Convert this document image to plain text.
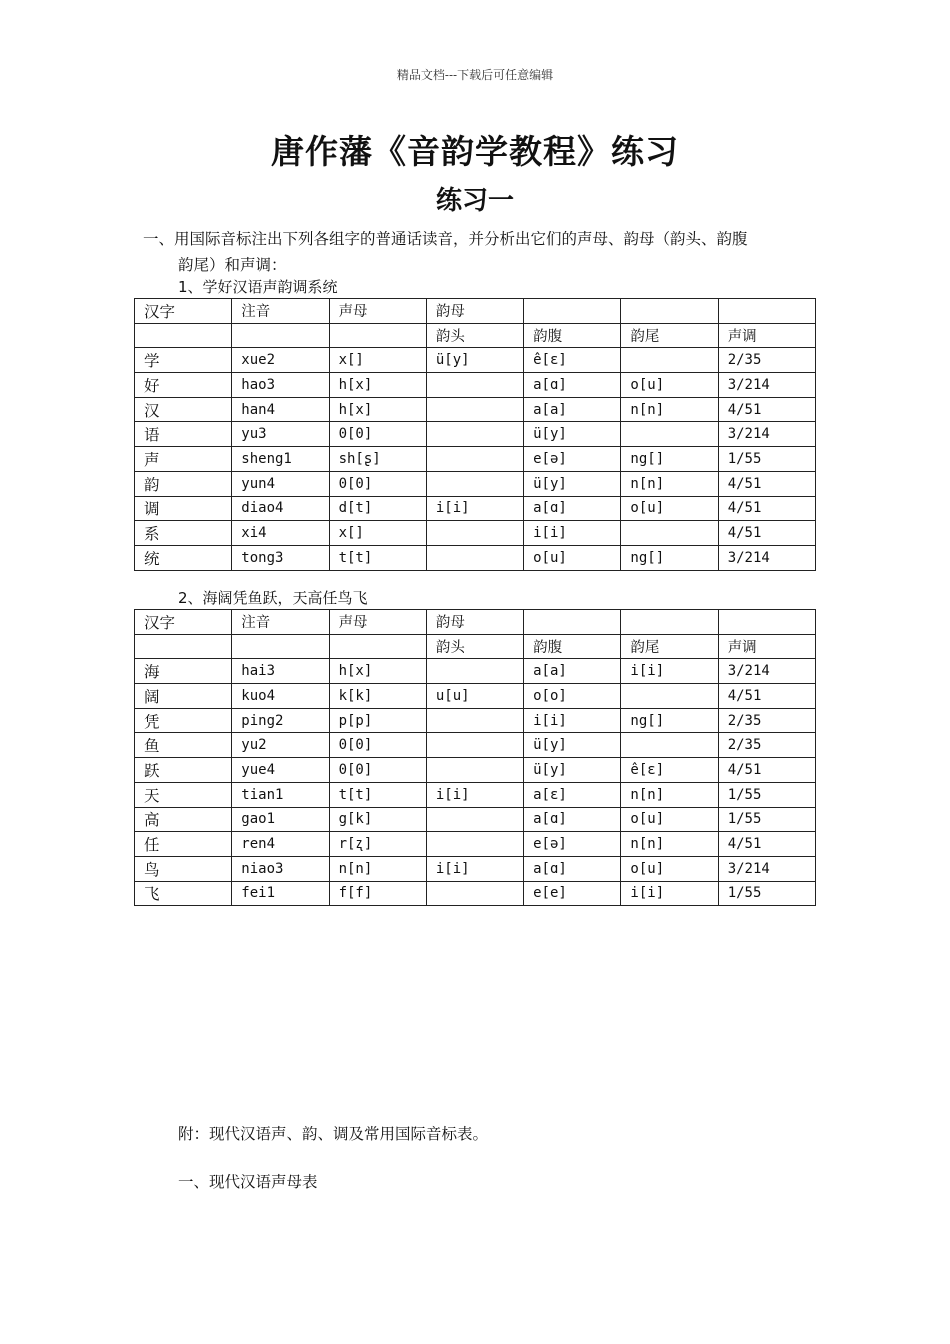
精品文档---下载后可任意编辑
唐作藩《音韵学教程》练习
练习一
一、用国际音标注出下列各组字的普通话读音，并分析出它们的声母、韵母（韵头、韵腹
韵尾）和声调：
1、学好汉语声韵调系统
汉字	注音	声母	韵母			
			韵头	韵腹	韵尾	声调
学	xue2	x[]	ü[y]	ê[ɛ]		2/35
好	hao3	h[x]		a[ɑ]	o[u]	3/214
汉	han4	h[x]		a[a]	n[n]	4/51
语	yu3	0[0]		ü[y]		3/214
声	sheng1	sh[ʂ]		e[ə]	ng[]	1/55
韵	yun4	0[0]		ü[y]	n[n]	4/51
调	diao4	d[t]	i[i]	a[ɑ]	o[u]	4/51
系	xi4	x[]		i[i]		4/51
统	tong3	t[t]		o[u]	ng[]	3/214
2、海阔凭鱼跃，天高任鸟飞
汉字	注音	声母	韵母			
			韵头	韵腹	韵尾	声调
海	hai3	h[x]		a[a]	i[i]	3/214
阔	kuo4	k[k]	u[u]	o[o]		4/51
凭	ping2	p[p]		i[i]	ng[]	2/35
鱼	yu2	0[0]		ü[y]		2/35
跃	yue4	0[0]		ü[y]	ê[ɛ]	4/51
天	tian1	t[t]	i[i]	a[ɛ]	n[n]	1/55
高	gao1	g[k]		a[ɑ]	o[u]	1/55
任	ren4	r[ʐ]		e[ə]	n[n]	4/51
鸟	niao3	n[n]	i[i]	a[ɑ]	o[u]	3/214
飞	fei1	f[f]		e[e]	i[i]	1/55
附：现代汉语声、韵、调及常用国际音标表。
一、现代汉语声母表
